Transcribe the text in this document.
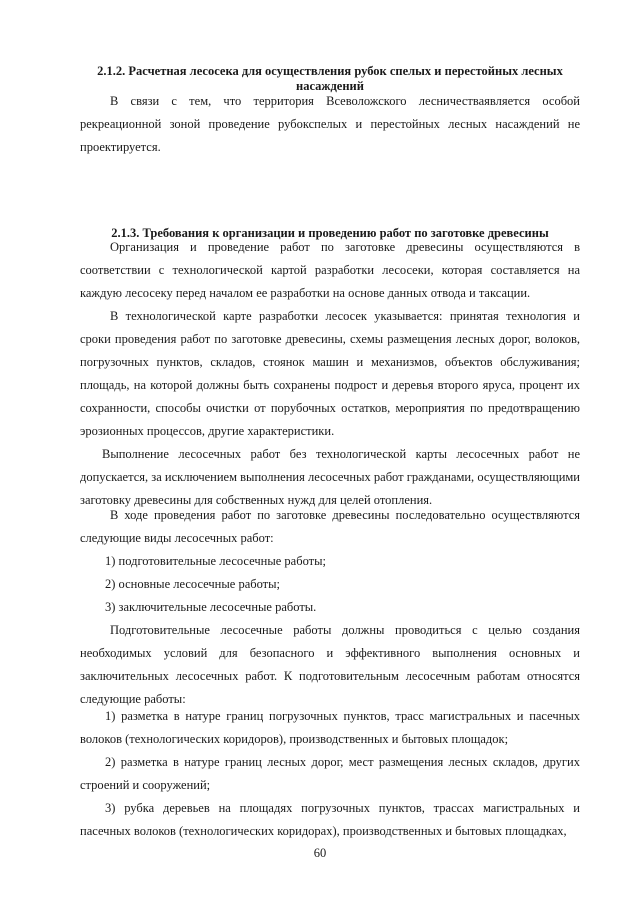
2.1.2. Расчетная лесосека для осуществления рубок спелых и перестойных лесных насаждений

В связи с тем, что территория Всеволожского лесничестваявляется особой рекреационной зоной проведение рубокспелых и перестойных лесных насаждений не проектируется.

2.1.3. Требования к организации и проведению работ по заготовке древесины

Организация и проведение работ по заготовке древесины осуществляются в соответствии с технологической картой разработки лесосеки, которая составляется на каждую лесосеку перед началом ее разработки на основе данных отвода и таксации.

В технологической карте разработки лесосек указывается: принятая технология и сроки проведения работ по заготовке древесины, схемы размещения лесных дорог, волоков, погрузочных пунктов, складов, стоянок машин и механизмов, объектов обслуживания; площадь, на которой должны быть сохранены подрост и деревья второго яруса, процент их сохранности, способы очистки от порубочных остатков, мероприятия по предотвращению эрозионных процессов, другие характеристики.

Выполнение лесосечных работ без технологической карты лесосечных работ не допускается, за исключением выполнения лесосечных работ гражданами, осуществляющими заготовку древесины для собственных нужд для целей отопления.

В ходе проведения работ по заготовке древесины последовательно осуществляются следующие виды лесосечных работ:

1) подготовительные лесосечные работы;

2) основные лесосечные работы;

3) заключительные лесосечные работы.

Подготовительные лесосечные работы должны проводиться с целью создания необходимых условий для безопасного и эффективного выполнения основных и заключительных лесосечных работ. К подготовительным лесосечным работам относятся следующие работы:

1) разметка в натуре границ погрузочных пунктов, трасс магистральных и пасечных волоков (технологических коридоров), производственных и бытовых площадок;

2) разметка в натуре границ лесных дорог, мест размещения лесных складов, других строений и сооружений;

3) рубка деревьев на площадях погрузочных пунктов, трассах магистральных и пасечных волоков (технологических коридорах), производственных и бытовых площадках,

60
